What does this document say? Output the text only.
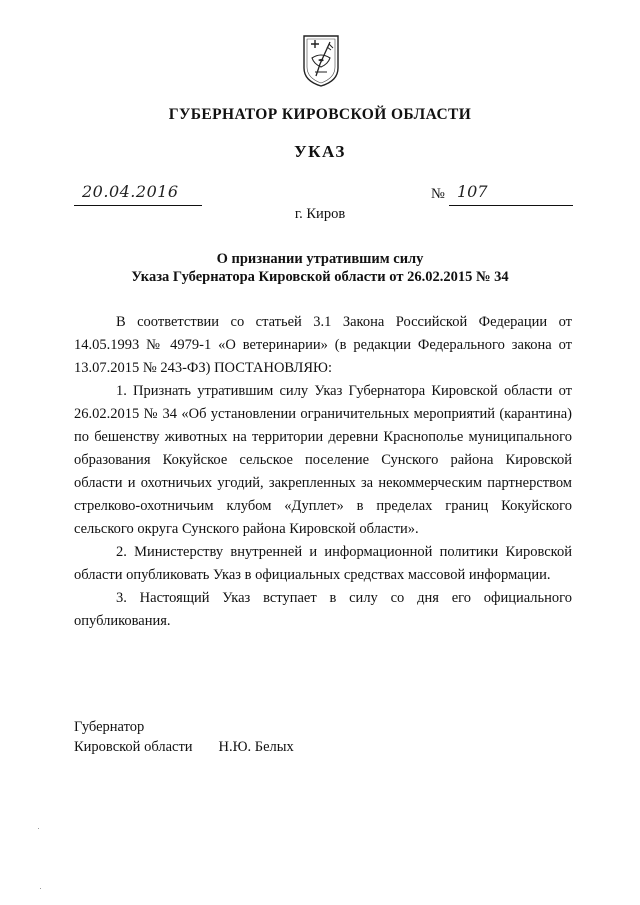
ГУБЕРНАТОР КИРОВСКОЙ ОБЛАСТИ
УКАЗ
20.04.2016	№ 107
г. Киров
О признании утратившим силу
Указа Губернатора Кировской области от 26.02.2015 № 34

В соответствии со статьей 3.1 Закона Российской Федерации от 14.05.1993 № 4979-1 «О ветеринарии» (в редакции Федерального закона от 13.07.2015 № 243-ФЗ) ПОСТАНОВЛЯЮ:

1. Признать утратившим силу Указ Губернатора Кировской области от 26.02.2015 № 34 «Об установлении ограничительных мероприятий (карантина) по бешенству животных на территории деревни Краснополье муниципального образования Кокуйское сельское поселение Сунского района Кировской области и охотничьих угодий, закрепленных за некоммерческим партнерством стрелково-охотничьим клубом «Дуплет» в пределах границ Кокуйского сельского округа Сунского района Кировской области».

2. Министерству внутренней и информационной политики Кировской области опубликовать Указ в официальных средствах массовой информации.

3. Настоящий Указ вступает в силу со дня его официального опубликования.

Губернатор
Кировской области Н.Ю. Белых
